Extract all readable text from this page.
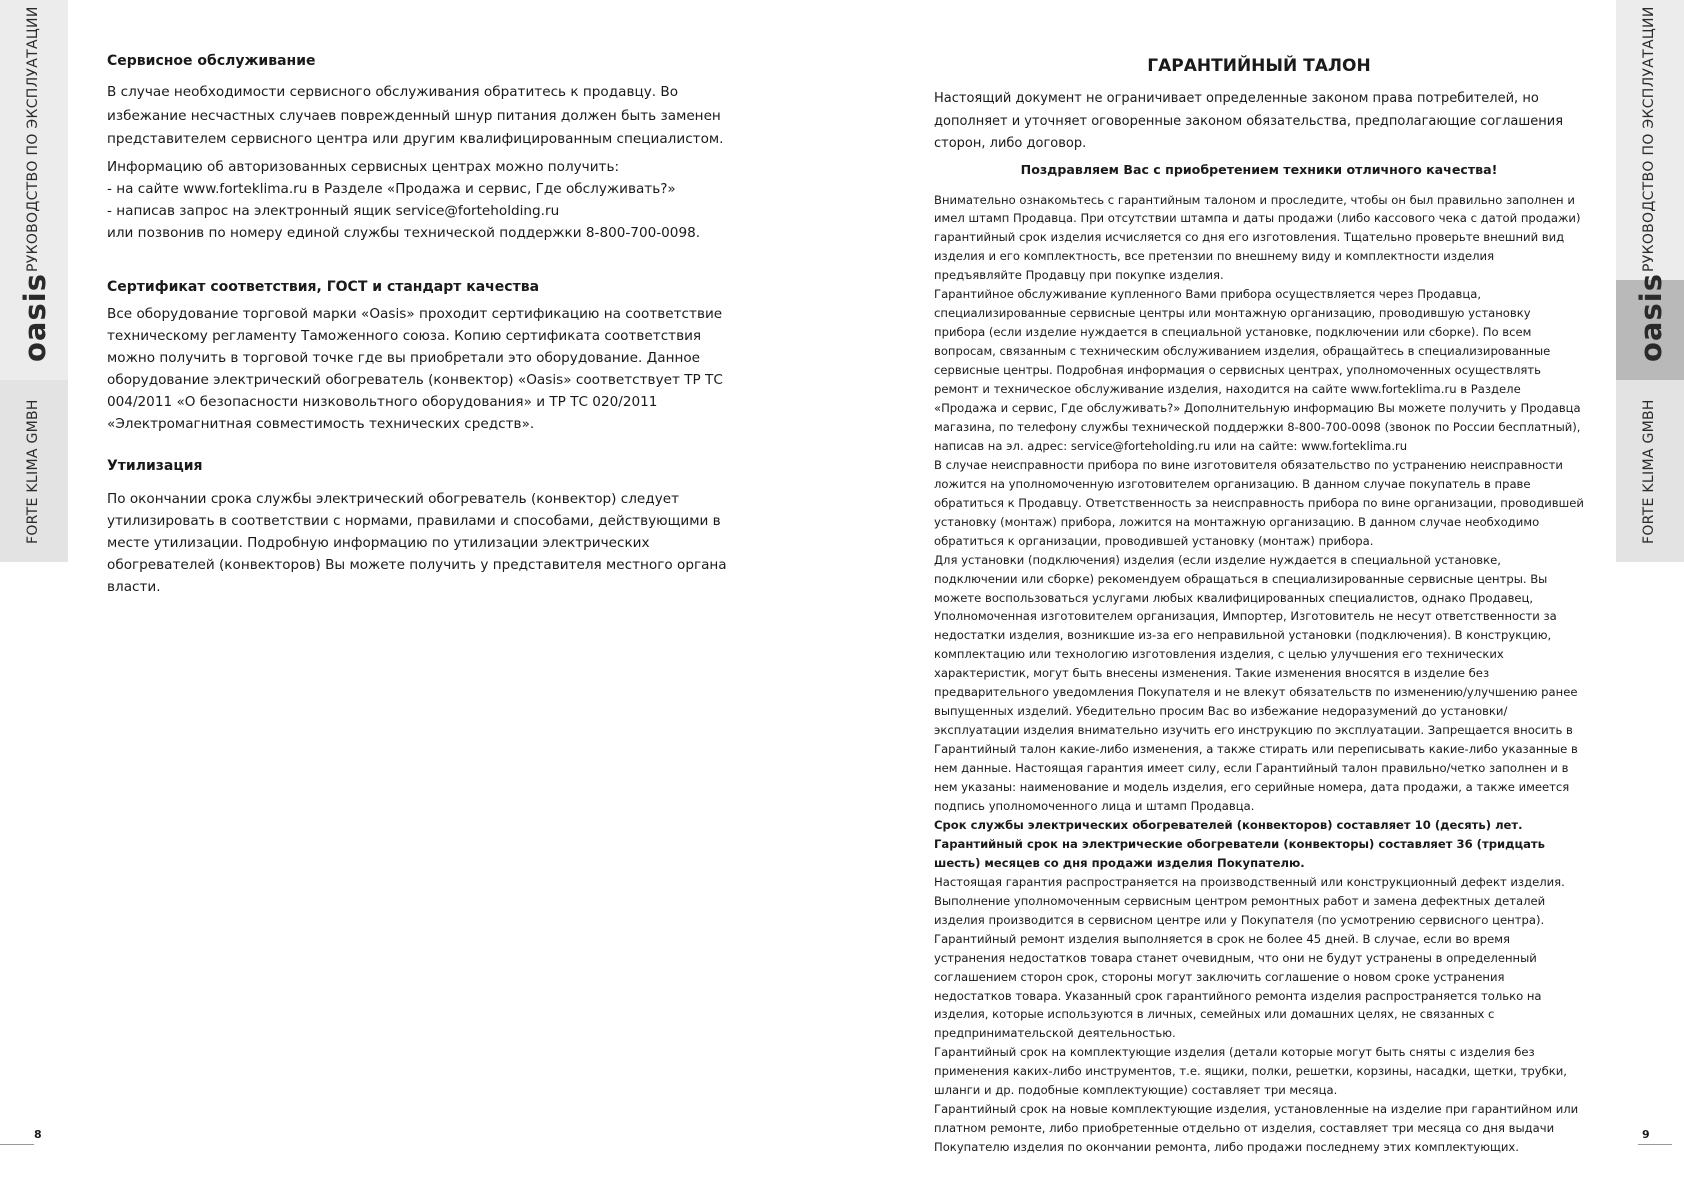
РУКОВОДСТВО ПО ЭКСПЛУАТАЦИИ
oasis
FORTE KLIMA GMBH
Сервисное обслуживание

В случае необходимости сервисного обслуживания обратитесь к продавцу. Во избежание несчастных случаев поврежденный шнур питания должен быть заменен представителем сервисного центра или другим квалифицированным специалистом.

Информацию об авторизованных сервисных центрах можно получить:

- на сайте www.forteklima.ru в Разделе «Продажа и сервис, Где обслуживать?»

- написав запрос на электронный ящик service@forteholding.ru

или позвонив по номеру единой службы технической поддержки 8-800-700-0098.

Сертификат соответствия, ГОСТ и стандарт качества

Все оборудование торговой марки «Oasis» проходит сертификацию на соответствие техническому регламенту Таможенного союза. Копию сертификата соответствия можно получить в торговой точке где вы приобретали это оборудование. Данное оборудование электрический обогреватель (конвектор) «Oasis» соответствует ТР ТС 004/2011 «О безопасности низковольтного оборудования» и ТР ТС 020/2011 «Электромагнитная совместимость технических средств».

Утилизация

По окончании срока службы электрический обогреватель (конвектор) следует утилизировать в соответствии с нормами, правилами и способами, действующими в месте утилизации. Подробную информацию по утилизации электрических обогревателей (конвекторов) Вы можете получить у представителя местного органа власти.

8
РУКОВОДСТВО ПО ЭКСПЛУАТАЦИИ
oasis
FORTE KLIMA GMBH
ГАРАНТИЙНЫЙ ТАЛОН

Настоящий документ не ограничивает определенные законом права потребителей, но дополняет и уточняет оговоренные законом обязательства, предполагающие соглашения сторон, либо договор.

Поздравляем Вас с приобретением техники отличного качества!

Внимательно ознакомьтесь с гарантийным талоном и проследите, чтобы он был правильно заполнен и имел штамп Продавца. При отсутствии штампа и даты продажи (либо кассового чека с датой продажи) гарантийный срок изделия исчисляется со дня его изготовления. Тщательно проверьте внешний вид изделия и его комплектность, все претензии по внешнему виду и комплектности изделия предъявляйте Продавцу при покупке изделия.

Гарантийное обслуживание купленного Вами прибора осуществляется через Продавца, специализированные сервисные центры или монтажную организацию, проводившую установку прибора (если изделие нуждается в специальной установке, подключении или сборке). По всем вопросам, связанным с техническим обслуживанием изделия, обращайтесь в специализированные сервисные центры. Подробная информация о сервисных центрах, уполномоченных осуществлять ремонт и техническое обслуживание изделия, находится на сайте www.forteklima.ru в Разделе «Продажа и сервис, Где обслуживать?» Дополнительную информацию Вы можете получить у Продавца магазина, по телефону службы технической поддержки 8-800-700-0098 (звонок по России бесплатный), написав на эл. адрес: service@forteholding.ru или на сайте: www.forteklima.ru

В случае неисправности прибора по вине изготовителя обязательство по устранению неисправности ложится на уполномоченную изготовителем организацию. В данном случае покупатель в праве обратиться к Продавцу. Ответственность за неисправность прибора по вине организации, проводившей установку (монтаж) прибора, ложится на монтажную организацию. В данном случае необходимо обратиться к организации, проводившей установку (монтаж) прибора.

Для установки (подключения) изделия (если изделие нуждается в специальной установке, подключении или сборке) рекомендуем обращаться в специализированные сервисные центры. Вы можете воспользоваться услугами любых квалифицированных специалистов, однако Продавец, Уполномоченная изготовителем организация, Импортер, Изготовитель не несут ответственности за недостатки изделия, возникшие из-за его неправильной установки (подключения). В конструкцию, комплектацию или технологию изготовления изделия, с целью улучшения его технических характеристик, могут быть внесены изменения. Такие изменения вносятся в изделие без предварительного уведомления Покупателя и не влекут обязательств по изменению/улучшению ранее выпущенных изделий. Убедительно просим Вас во избежание недоразумений до установки/эксплуатации изделия внимательно изучить его инструкцию по эксплуатации. Запрещается вносить в Гарантийный талон какие-либо изменения, а также стирать или переписывать какие-либо указанные в нем данные. Настоящая гарантия имеет силу, если Гарантийный талон правильно/четко заполнен и в нем указаны: наименование и модель изделия, его серийные номера, дата продажи, а также имеется подпись уполномоченного лица и штамп Продавца.

Срок службы электрических обогревателей (конвекторов) составляет 10 (десять) лет.

Гарантийный срок на электрические обогреватели (конвекторы) составляет 36 (тридцать шесть) месяцев со дня продажи изделия Покупателю.

Настоящая гарантия распространяется на производственный или конструкционный дефект изделия. Выполнение уполномоченным сервисным центром ремонтных работ и замена дефектных деталей изделия производится в сервисном центре или у Покупателя (по усмотрению сервисного центра).

Гарантийный ремонт изделия выполняется в срок не более 45 дней. В случае, если во время устранения недостатков товара станет очевидным, что они не будут устранены в определенный соглашением сторон срок, стороны могут заключить соглашение о новом сроке устранения недостатков товара. Указанный срок гарантийного ремонта изделия распространяется только на изделия, которые используются в личных, семейных или домашних целях, не связанных с предпринимательской деятельностью.

Гарантийный срок на комплектующие изделия (детали которые могут быть сняты с изделия без применения каких-либо инструментов, т.е. ящики, полки, решетки, корзины, насадки, щетки, трубки, шланги и др. подобные комплектующие) составляет три месяца.

Гарантийный срок на новые комплектующие изделия, установленные на изделие при гарантийном или платном ремонте, либо приобретенные отдельно от изделия, составляет три месяца со дня выдачи Покупателю изделия по окончании ремонта, либо продажи последнему этих комплектующих.

9
